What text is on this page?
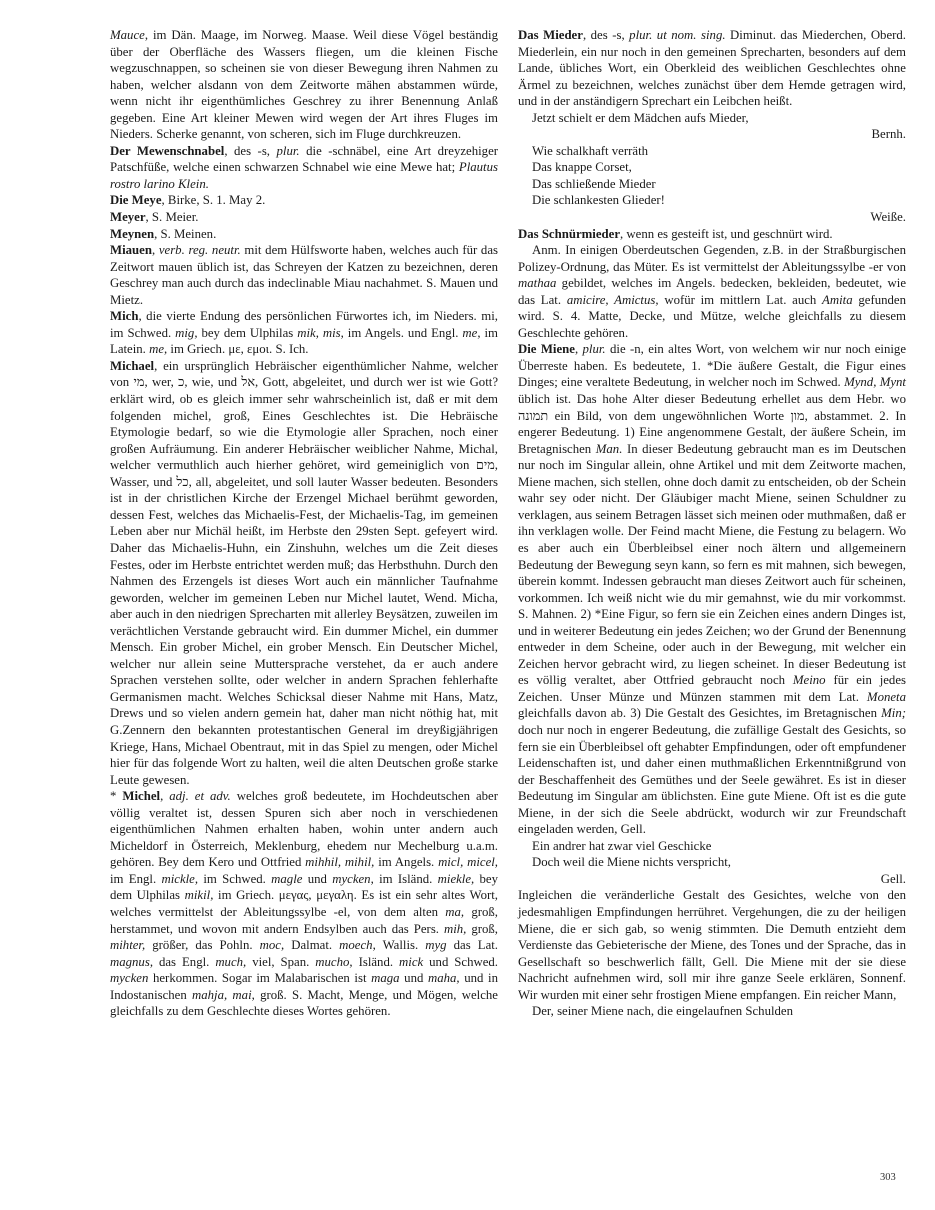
Mauce, im Dän. Maage, im Norweg. Maase. Weil diese Vögel beständig über der Oberfläche des Wassers fliegen, um die kleinen Fische wegzuschnappen, so scheinen sie von dieser Bewegung ihren Nahmen zu haben, welcher alsdann von dem Zeitworte mähen abstammen würde, wenn nicht ihr eigenthümliches Geschrey zu ihrer Benennung Anlaß gegeben. Eine Art kleiner Mewen wird wegen der Art ihres Fluges im Nieders. Scherke genannt, von scheren, sich im Fluge durchkreuzen.

Der Mewenschnabel, des -s, plur. die -schnäbel, eine Art dreyzehiger Patschfüße, welche einen schwarzen Schnabel wie eine Mewe hat; Plautus rostro larino Klein.

Die Meye, Birke, S. 1. May 2.

Meyer, S. Meier.

Meynen, S. Meinen.

Miauen, verb. reg. neutr. mit dem Hülfsworte haben, welches auch für das Zeitwort mauen üblich ist, das Schreyen der Katzen zu bezeichnen, deren Geschrey man auch durch das indeclinable Miau nachahmet. S. Mauen und Mietz.

Mich, die vierte Endung des persönlichen Fürwortes ich, im Nieders. mi, im Schwed. mig, bey dem Ulphilas mik, mis, im Angels. und Engl. me, im Latein. me, im Griech. με, εμοι. S. Ich.

Michael, ein ursprünglich Hebräischer eigenthümlicher Nahme, welcher von מי, wer, כ, wie, und אל, Gott, abgeleitet, und durch wer ist wie Gott? erklärt wird, ob es gleich immer sehr wahrscheinlich ist, daß er mit dem folgenden michel, groß, Eines Geschlechtes ist. Die Hebräische Etymologie bedarf, so wie die Etymologie aller Sprachen, noch einer großen Aufräumung. Ein anderer Hebräischer weiblicher Nahme, Michal, welcher vermuthlich auch hierher gehöret, wird gemeiniglich von מים, Wasser, und כל, all, abgeleitet, und soll lauter Wasser bedeuten. Besonders ist in der christlichen Kirche der Erzengel Michael berühmt geworden, dessen Fest, welches das Michaelis-Fest, der Michaelis-Tag, im gemeinen Leben aber nur Michäl heißt, im Herbste den 29sten Sept. gefeyert wird. Daher das Michaelis-Huhn, ein Zinshuhn, welches um die Zeit dieses Festes, oder im Herbste entrichtet werden muß; das Herbsthuhn. Durch den Nahmen des Erzengels ist dieses Wort auch ein männlicher Taufnahme geworden, welcher im gemeinen Leben nur Michel lautet, Wend. Micha, aber auch in den niedrigen Sprecharten mit allerley Beysätzen, zuweilen im verächtlichen Verstande gebraucht wird. Ein dummer Michel, ein dummer Mensch. Ein grober Michel, ein grober Mensch. Ein Deutscher Michel, welcher nur allein seine Muttersprache verstehet, da er auch andere Sprachen verstehen sollte, oder welcher in andern Sprachen fehlerhafte Germanismen macht. Welches Schicksal dieser Nahme mit Hans, Matz, Drews und so vielen andern gemein hat, daher man nicht nöthig hat, mit G.Zennern den bekannten protestantischen General im dreyßigjährigen Kriege, Hans, Michael Obentraut, mit in das Spiel zu mengen, oder Michel hier für das folgende Wort zu halten, weil die alten Deutschen große starke Leute gewesen.

* Michel, adj. et adv. welches groß bedeutete, im Hochdeutschen aber völlig veraltet ist, dessen Spuren sich aber noch in verschiedenen eigenthümlichen Nahmen erhalten haben, wohin unter andern auch Micheldorf in Österreich, Meklenburg, ehedem nur Mechelburg u.a.m. gehören. Bey dem Kero und Ottfried mihhil, mihil, im Angels. micl, micel, im Engl. mickle, im Schwed. magle und mycken, im Isländ. miekle, bey dem Ulphilas mikil, im Griech. μεγας, μεγαλη. Es ist ein sehr altes Wort, welches vermittelst der Ableitungssylbe -el, von dem alten ma, groß, herstammet, und wovon mit andern Endsylben auch das Pers. mih, groß, mihter, größer, das Pohln. moc, Dalmat. moech, Wallis. myg das Lat. magnus, das Engl. much, viel, Span. mucho, Isländ. mick und Schwed. mycken herkommen. Sogar im Malabarischen ist maga und maha, und in Indostanischen mahja, mai, groß. S. Macht, Menge, und Mögen, welche gleichfalls zu dem Geschlechte dieses Wortes gehören.

Das Mieder, des -s, plur. ut nom. sing. Diminut. das Miederchen, Oberd. Miederlein, ein nur noch in den gemeinen Sprecharten, besonders auf dem Lande, übliches Wort, ein Oberkleid des weiblichen Geschlechtes ohne Ärmel zu bezeichnen, welches zunächst über dem Hemde getragen wird, und in der anständigern Sprechart ein Leibchen heißt.

Jetzt schielt er dem Mädchen aufs Mieder,

Bernh.

Wie schalkhaft verräth

Das knappe Corset,

Das schließende Mieder

Die schlankesten Glieder!

Weiße.

Das Schnürmieder, wenn es gesteift ist, und geschnürt wird.

Anm. In einigen Oberdeutschen Gegenden, z.B. in der Straßburgischen Polizey-Ordnung, das Müter. Es ist vermittelst der Ableitungssylbe -er von mathaa gebildet, welches im Angels. bedecken, bekleiden, bedeutet, wie das Lat. amicire, Amictus, wofür im mittlern Lat. auch Amita gefunden wird. S. 4. Matte, Decke, und Mütze, welche gleichfalls zu diesem Geschlechte gehören.

Die Miene, plur. die -n, ein altes Wort, von welchem wir nur noch einige Überreste haben. Es bedeutete, 1. *Die äußere Gestalt, die Figur eines Dinges; eine veraltete Bedeutung, in welcher noch im Schwed. Mynd, Mynt üblich ist. Das hohe Alter dieser Bedeutung erhellet aus dem Hebr. wo תמונה ein Bild, von dem ungewöhnlichen Worte מון, abstammet. 2. In engerer Bedeutung. 1) Eine angenommene Gestalt, der äußere Schein, im Bretagnischen Man. In dieser Bedeutung gebraucht man es im Deutschen nur noch im Singular allein, ohne Artikel und mit dem Zeitworte machen, Miene machen, sich stellen, ohne doch damit zu entscheiden, ob der Schein wahr sey oder nicht. Der Gläubiger macht Miene, seinen Schuldner zu verklagen, aus seinem Betragen lässet sich meinen oder muthmaßen, daß er ihn verklagen wolle. Der Feind macht Miene, die Festung zu belagern. Wo es aber auch ein Überbleibsel einer noch ältern und allgemeinern Bedeutung der Bewegung seyn kann, so fern es mit mahnen, sich bewegen, überein kommt. Indessen gebraucht man dieses Zeitwort auch für scheinen, vorkommen. Ich weiß nicht wie du mir gemahnst, wie du mir vorkommst. S. Mahnen. 2) *Eine Figur, so fern sie ein Zeichen eines andern Dinges ist, und in weiterer Bedeutung ein jedes Zeichen; wo der Grund der Benennung entweder in dem Scheine, oder auch in der Bewegung, mit welcher ein Zeichen hervor gebracht wird, zu liegen scheinet. In dieser Bedeutung ist es völlig veraltet, aber Ottfried gebraucht noch Meino für ein jedes Zeichen. Unser Münze und Münzen stammen mit dem Lat. Moneta gleichfalls davon ab. 3) Die Gestalt des Gesichtes, im Bretagnischen Min; doch nur noch in engerer Bedeutung, die zufällige Gestalt des Gesichts, so fern sie ein Überbleibsel oft gehabter Empfindungen, oder oft empfundener Leidenschaften ist, und daher einen muthmaßlichen Erkenntnißgrund von der Beschaffenheit des Gemüthes und der Seele gewähret. Es ist in dieser Bedeutung im Singular am üblichsten. Eine gute Miene. Oft ist es die gute Miene, in der sich die Seele abdrückt, wodurch wir zur Freundschaft eingeladen werden, Gell.

Ein andrer hat zwar viel Geschicke

Doch weil die Miene nichts verspricht,

Gell.

Ingleichen die veränderliche Gestalt des Gesichtes, welche von den jedesmahligen Empfindungen herrühret. Vergehungen, die zu der heiligen Miene, die er sich gab, so wenig stimmten. Die Demuth entzieht dem Verdienste das Gebieterische der Miene, des Tones und der Sprache, das in Gesellschaft so beschwerlich fällt, Gell. Die Miene mit der sie diese Nachricht aufnehmen wird, soll mir ihre ganze Seele erklären, Sonnenf. Wir wurden mit einer sehr frostigen Miene empfangen. Ein reicher Mann,

Der, seiner Miene nach, die eingelaufnen Schulden

303
